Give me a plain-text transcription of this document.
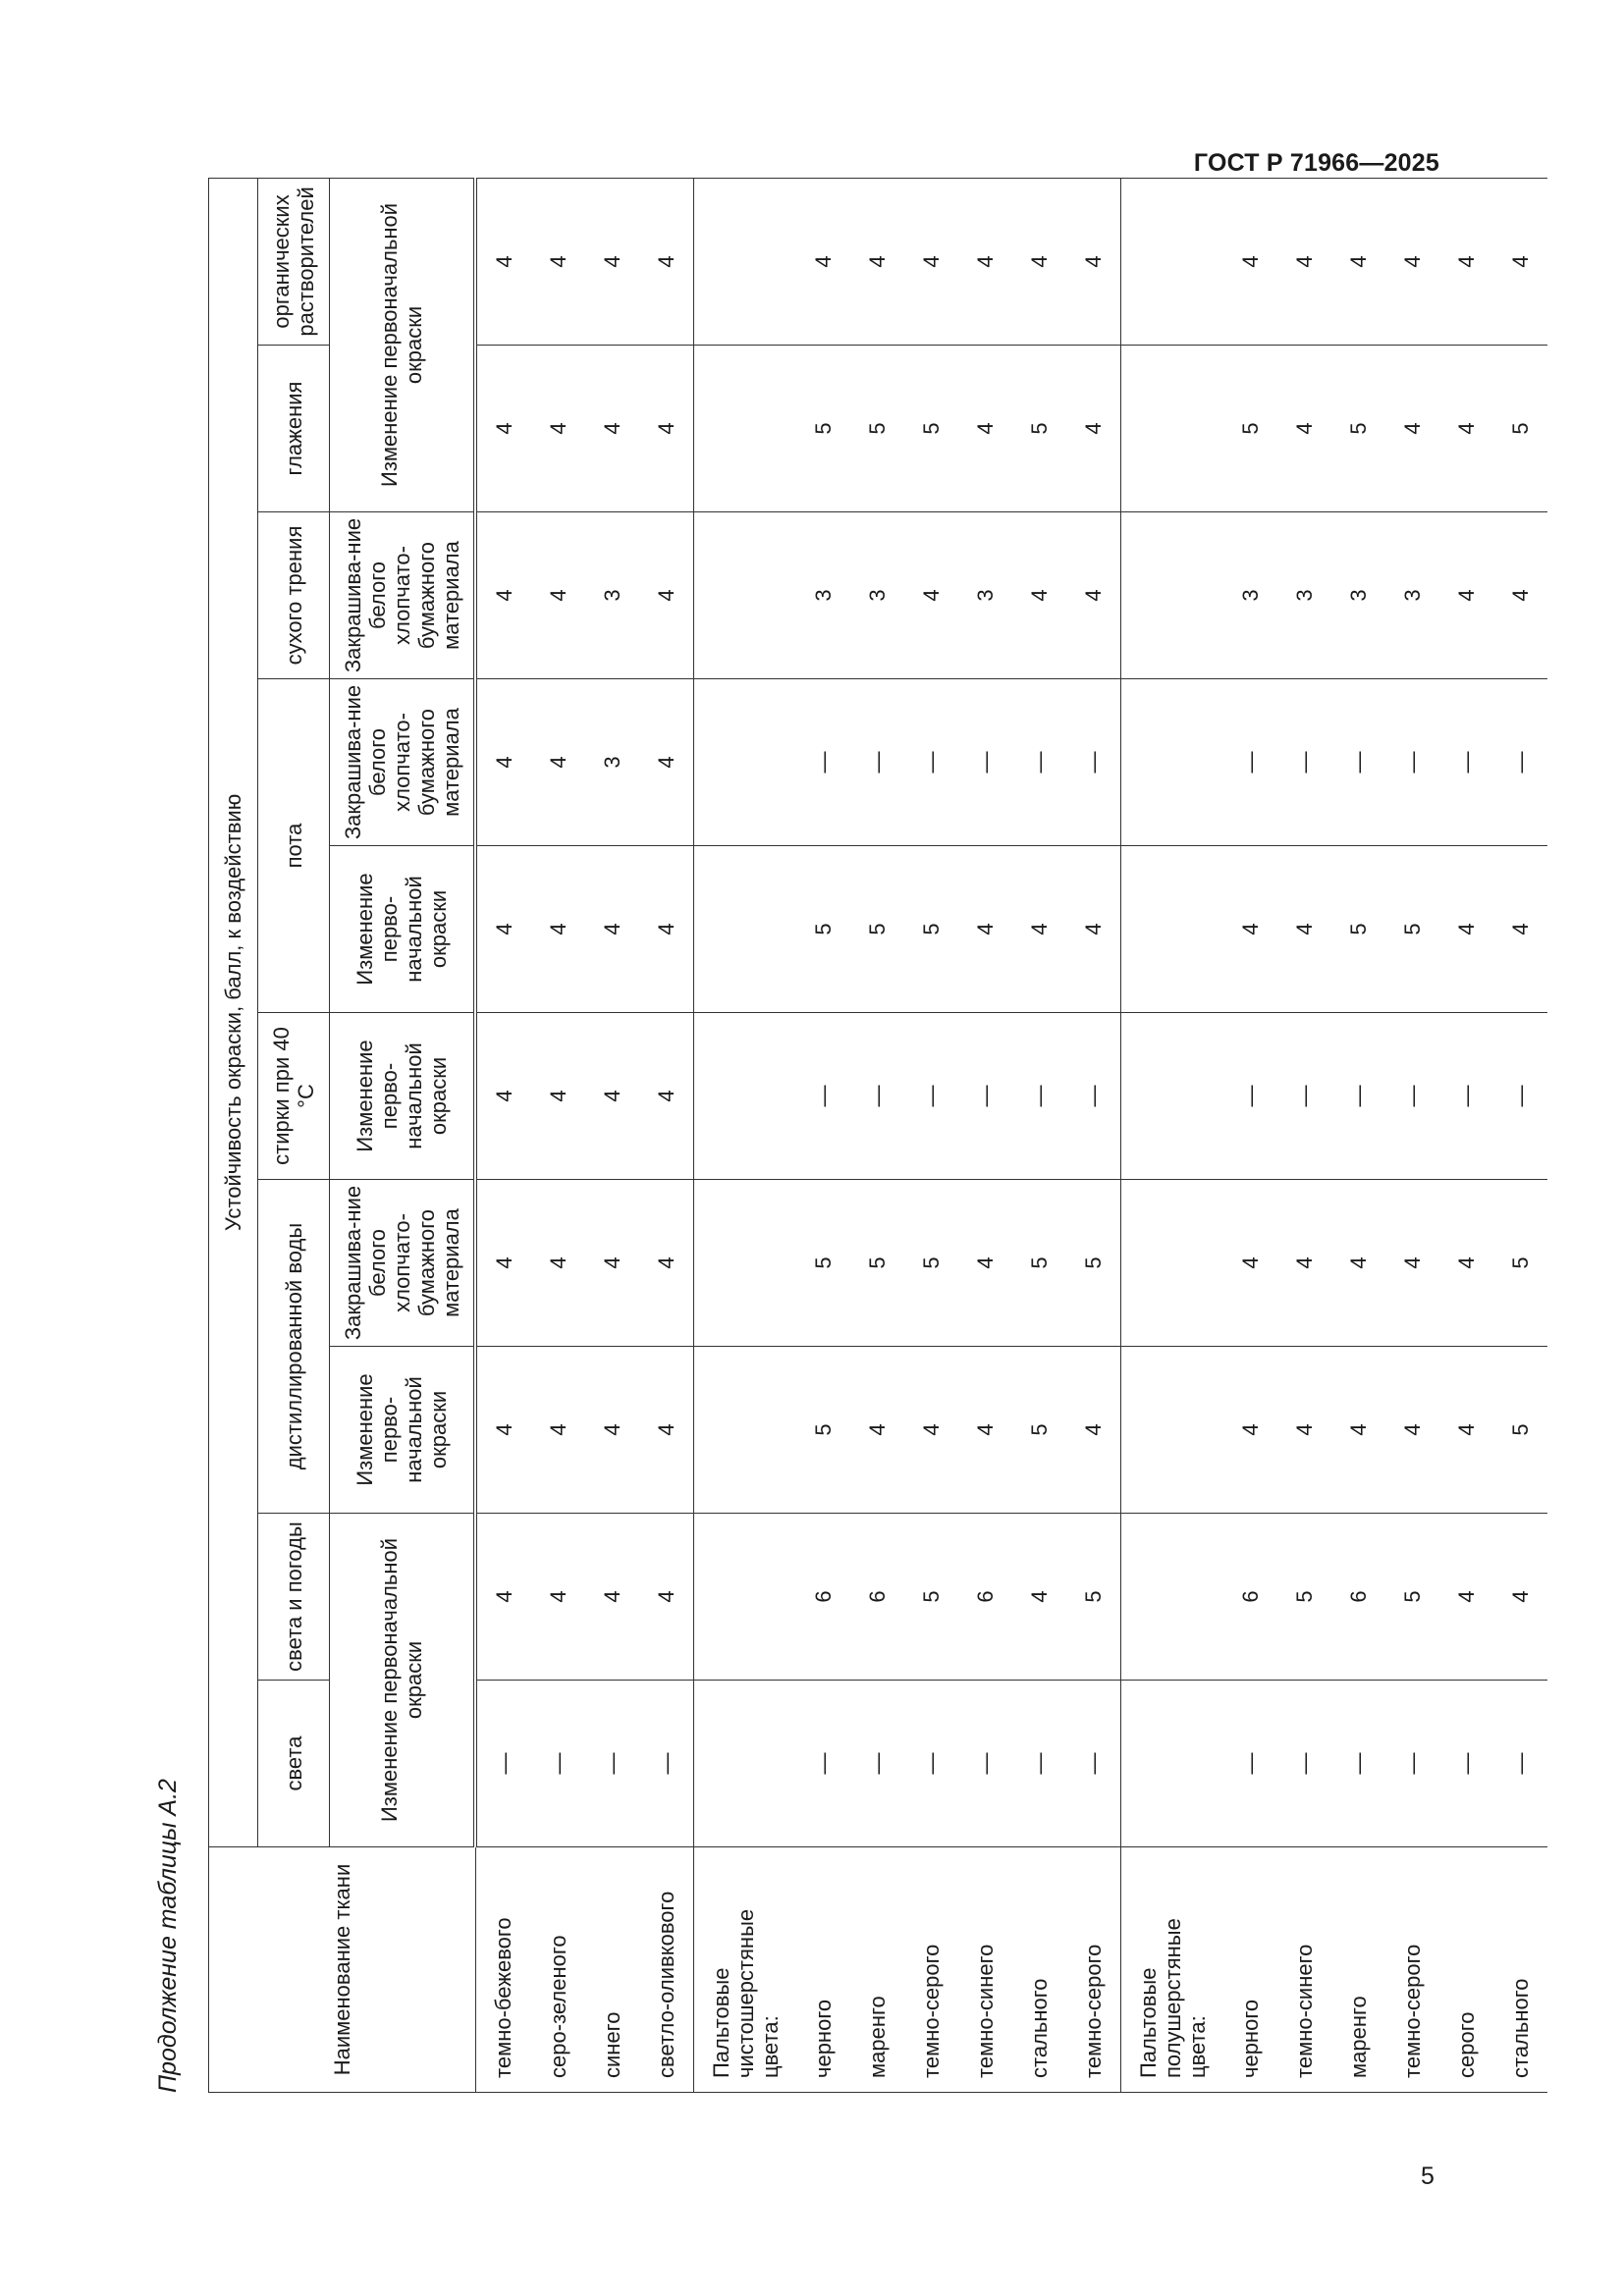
ГОСТ Р 71966—2025
Продолжение таблицы А.2	Наименование ткани	Устойчивость окраски, балл, к воздействию									
	света	света и погоды	дистиллированной воды		стирки при 40 °С	пота		сухого трения	глажения	органических растворителей
	Изменение первоначальной окраски		Изменение перво-начальной окраски	Закрашива-ние белого хлопчато-бумажного материала	Изменение перво-начальной окраски	Изменение перво-начальной окраски	Закрашива-ние белого хлопчато-бумажного материала	Закрашива-ние белого хлопчато-бумажного материала	Изменение первоначальной окраски	
темно-бежевого	—	4	4	4	4	4	4	4	4	4
серо-зеленого	—	4	4	4	4	4	4	4	4	4
синего	—	4	4	4	4	4	3	3	4	4
светло-оливкового	—	4	4	4	4	4	4	4	4	4
Пальтовые чистошерстяные цвета:										
черного	—	6	5	5	—	5	—	3	5	4
маренго	—	6	4	5	—	5	—	3	5	4
темно-серого	—	5	4	5	—	5	—	4	5	4
темно-синего	—	6	4	4	—	4	—	3	4	4
стального	—	4	5	5	—	4	—	4	5	4
темно-серого	—	5	4	5	—	4	—	4	4	4
Пальтовые полушерстяные цвета:										
черного	—	6	4	4	—	4	—	3	5	4
темно-синего	—	5	4	4	—	4	—	3	4	4
маренго	—	6	4	4	—	5	—	3	5	4
темно-серого	—	5	4	4	—	5	—	3	4	4
серого	—	4	4	4	—	4	—	4	4	4
стального	—	4	5	5	—	4	—	4	5	4
5
